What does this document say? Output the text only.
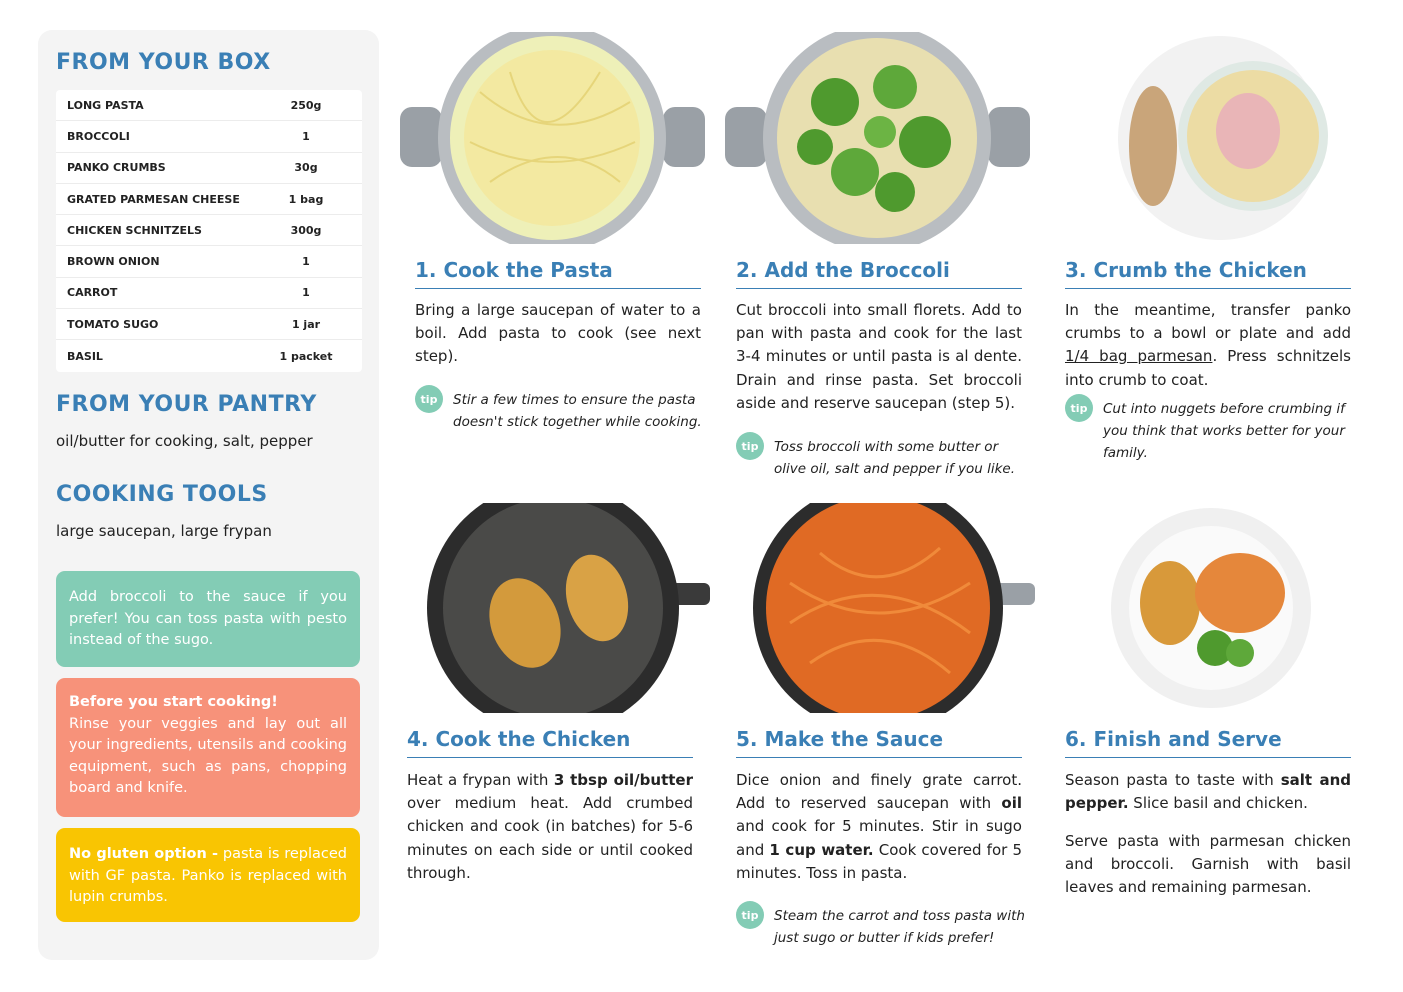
FROM YOUR BOX
LONG PASTA	250g
BROCCOLI	1
PANKO CRUMBS	30g
GRATED PARMESAN CHEESE	1 bag
CHICKEN SCHNITZELS	300g
BROWN ONION	1
CARROT	1
TOMATO SUGO	1 jar
BASIL	1 packet
FROM YOUR PANTRY
oil/butter for cooking, salt, pepper
COOKING TOOLS
large saucepan, large frypan
Add broccoli to the sauce if you prefer! You can toss pasta with pesto instead of the sugo.
Before you start cooking!
Rinse your veggies and lay out all your ingredients, utensils and cooking equipment, such as pans, chopping board and knife.
No gluten option - pasta is replaced with GF pasta. Panko is replaced with lupin crumbs.
1. Cook the Pasta
Bring a large saucepan of water to a boil. Add pasta to cook (see next step).
tip	Stir a few times to ensure the pasta doesn't stick together while cooking.
2. Add the Broccoli
Cut broccoli into small florets. Add to pan with pasta and cook for the last 3-4 minutes or until pasta is al dente. Drain and rinse pasta. Set broccoli aside and reserve saucepan (step 5).
tip	Toss broccoli with some butter or olive oil, salt and pepper if you like.
3. Crumb the Chicken
In the meantime, transfer panko crumbs to a bowl or plate and add 1/4 bag parmesan. Press schnitzels into crumb to coat.
tip	Cut into nuggets before crumbing if you think that works better for your family.
4. Cook the Chicken
Heat a frypan with 3 tbsp oil/butter over medium heat. Add crumbed chicken and cook (in batches) for 5-6 minutes on each side or until cooked through.
5. Make the Sauce
Dice onion and finely grate carrot. Add to reserved saucepan with oil and cook for 5 minutes. Stir in sugo and 1 cup water. Cook covered for 5 minutes. Toss in pasta.
tip	Steam the carrot and toss pasta with just sugo or butter if kids prefer!
6. Finish and Serve
Season pasta to taste with salt and pepper. Slice basil and chicken.
Serve pasta with parmesan chicken and broccoli. Garnish with basil leaves and remaining parmesan.
